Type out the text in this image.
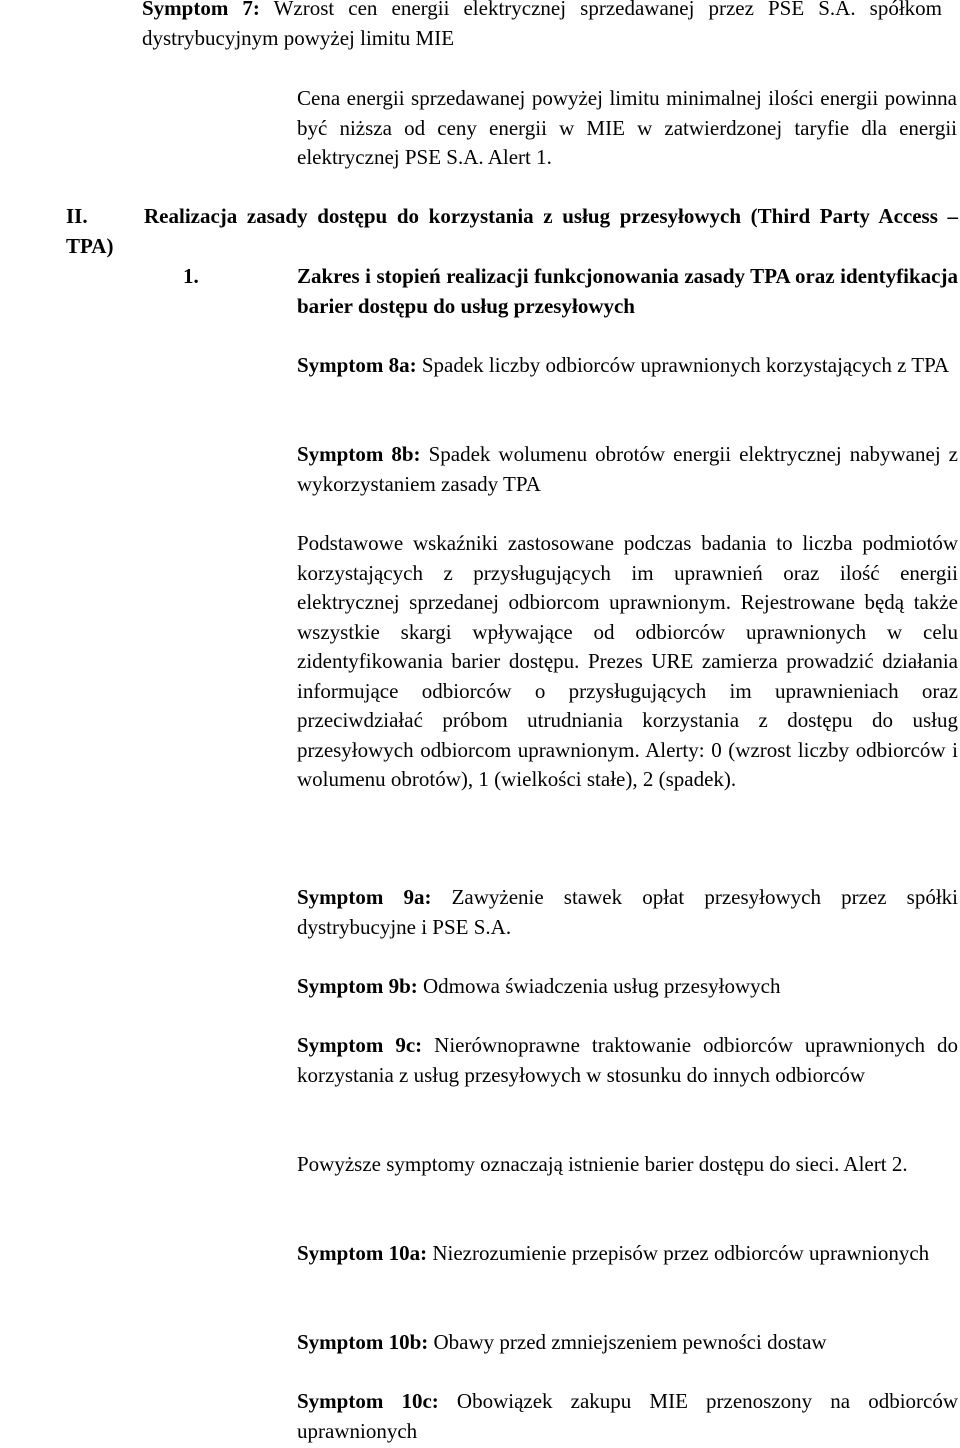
Symptom 7: Wzrost cen energii elektrycznej sprzedawanej przez PSE S.A. spółkom dystrybucyjnym powyżej limitu MIE

Cena energii sprzedawanej powyżej limitu minimalnej ilości energii powinna być niższa od ceny energii w MIE w zatwierdzonej taryfie dla energii elektrycznej PSE S.A. Alert 1.

II.	Realizacja zasady dostępu do korzystania z usług przesyłowych (Third Party Access – TPA)

1.	Zakres i stopień realizacji funkcjonowania zasady TPA oraz identyfikacja barier dostępu do usług przesyłowych

Symptom 8a: Spadek liczby odbiorców uprawnionych korzystających z TPA

Symptom 8b: Spadek wolumenu obrotów energii elektrycznej nabywanej z wykorzystaniem zasady TPA

Podstawowe wskaźniki zastosowane podczas badania to liczba podmiotów korzystających z przysługujących im uprawnień oraz ilość energii elektrycznej sprzedanej odbiorcom uprawnionym. Rejestrowane będą także wszystkie skargi wpływające od odbiorców uprawnionych w celu zidentyfikowania barier dostępu. Prezes URE zamierza prowadzić działania informujące odbiorców o przysługujących im uprawnieniach oraz przeciwdziałać próbom utrudniania korzystania z dostępu do usług przesyłowych odbiorcom uprawnionym. Alerty: 0 (wzrost liczby odbiorców i wolumenu obrotów), 1 (wielkości stałe), 2 (spadek).

Symptom 9a: Zawyżenie stawek opłat przesyłowych przez spółki dystrybucyjne i PSE S.A.

Symptom 9b: Odmowa świadczenia usług przesyłowych

Symptom 9c: Nierównoprawne traktowanie odbiorców uprawnionych do korzystania z usług przesyłowych w stosunku do innych odbiorców

Powyższe symptomy oznaczają istnienie barier dostępu do sieci. Alert 2.

Symptom 10a: Niezrozumienie przepisów przez odbiorców uprawnionych

Symptom 10b: Obawy przed zmniejszeniem pewności dostaw

Symptom 10c: Obowiązek zakupu MIE przenoszony na odbiorców uprawnionych
